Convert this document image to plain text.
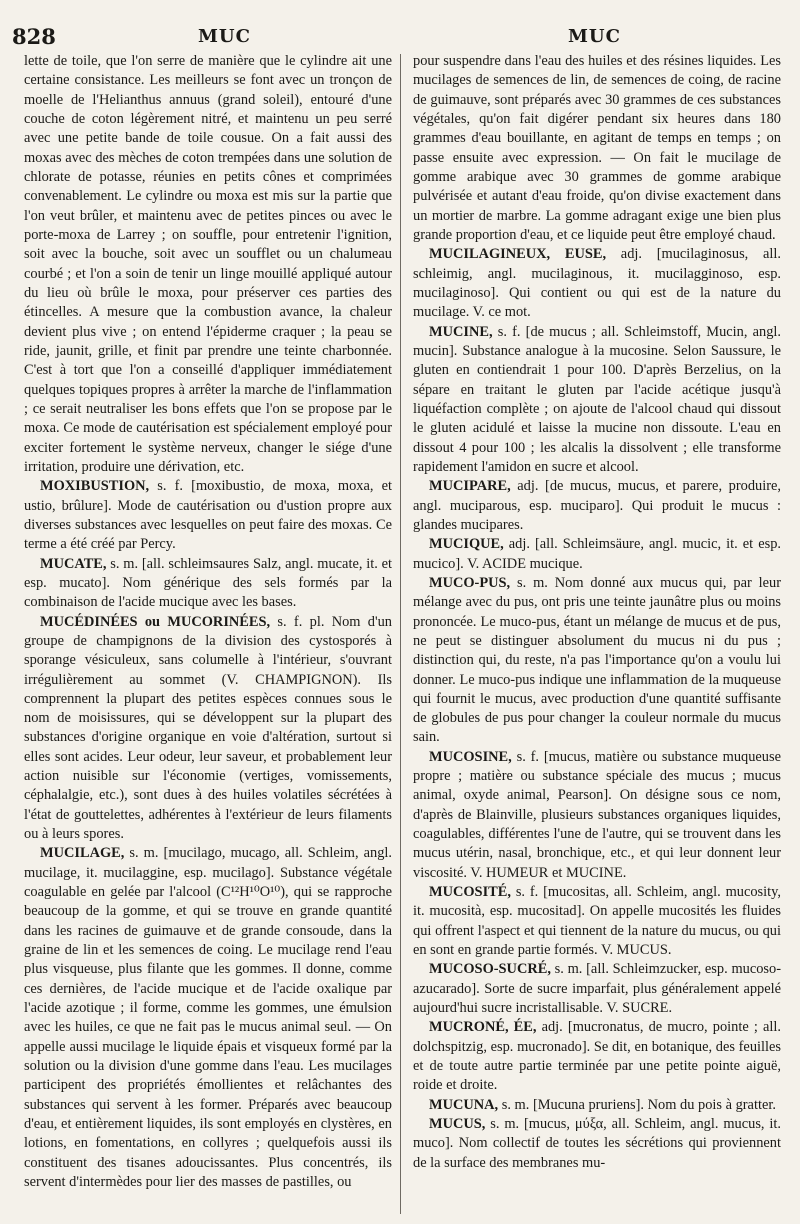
828	MUC	MUC

lette de toile, que l'on serre de manière que le cylindre ait une certaine consistance. Les meilleurs se font avec un tronçon de moelle de l'Helianthus annuus (grand soleil), entouré d'une couche de coton légèrement nitré, et maintenu un peu serré avec une petite bande de toile cousue. On a fait aussi des moxas avec des mèches de coton trempées dans une solution de chlorate de potasse, réunies en petits cônes et comprimées convenablement. Le cylindre ou moxa est mis sur la partie que l'on veut brûler, et maintenu avec de petites pinces ou avec le porte-moxa de Larrey ; on souffle, pour entretenir l'ignition, soit avec la bouche, soit avec un soufflet ou un chalumeau courbé ; et l'on a soin de tenir un linge mouillé appliqué autour du lieu où brûle le moxa, pour préserver ces parties des étincelles. A mesure que la combustion avance, la chaleur devient plus vive ; on entend l'épiderme craquer ; la peau se ride, jaunit, grille, et finit par prendre une teinte charbonnée. C'est à tort que l'on a conseillé d'appliquer immédiatement quelques topiques propres à arrêter la marche de l'inflammation ; ce serait neutraliser les bons effets que l'on se propose par le moxa. Ce mode de cautérisation est spécialement employé pour exciter fortement le système nerveux, changer le siége d'une irritation, produire une dérivation, etc.

MOXIBUSTION, s. f. [moxibustio, de moxa, moxa, et ustio, brûlure]. Mode de cautérisation ou d'ustion propre aux diverses substances avec lesquelles on peut faire des moxas. Ce terme a été créé par Percy.

MUCATE, s. m. [all. schleimsaures Salz, angl. mucate, it. et esp. mucato]. Nom générique des sels formés par la combinaison de l'acide mucique avec les bases.

MUCÉDINÉES ou MUCORINÉES, s. f. pl. Nom d'un groupe de champignons de la division des cystosporés à sporange vésiculeux, sans columelle à l'intérieur, s'ouvrant irrégulièrement au sommet (V. CHAMPIGNON). Ils comprennent la plupart des petites espèces connues sous le nom de moisissures, qui se développent sur la plupart des substances d'origine organique en voie d'altération, surtout si elles sont acides. Leur odeur, leur saveur, et probablement leur action nuisible sur l'économie (vertiges, vomissements, céphalalgie, etc.), sont dues à des huiles volatiles sécrétées à l'état de gouttelettes, adhérentes à l'extérieur de leurs filaments ou à leurs spores.

MUCILAGE, s. m. [mucilago, mucago, all. Schleim, angl. mucilage, it. mucilaggine, esp. mucilago]. Substance végétale coagulable en gelée par l'alcool (C¹²H¹⁰O¹⁰), qui se rapproche beaucoup de la gomme, et qui se trouve en grande quantité dans les racines de guimauve et de grande consoude, dans la graine de lin et les semences de coing. Le mucilage rend l'eau plus visqueuse, plus filante que les gommes. Il donne, comme ces dernières, de l'acide mucique et de l'acide oxalique par l'acide azotique ; il forme, comme les gommes, une émulsion avec les huiles, ce que ne fait pas le mucus animal seul. — On appelle aussi mucilage le liquide épais et visqueux formé par la solution ou la division d'une gomme dans l'eau. Les mucilages participent des propriétés émollientes et relâchantes des substances qui servent à les former. Préparés avec beaucoup d'eau, et entièrement liquides, ils sont employés en clystères, en lotions, en fomentations, en collyres ; quelquefois aussi ils constituent des tisanes adoucissantes. Plus concentrés, ils servent d'intermèdes pour lier des masses de pastilles, ou

pour suspendre dans l'eau des huiles et des résines liquides. Les mucilages de semences de lin, de semences de coing, de racine de guimauve, sont préparés avec 30 grammes de ces substances végétales, qu'on fait digérer pendant six heures dans 180 grammes d'eau bouillante, en agitant de temps en temps ; on passe ensuite avec expression. — On fait le mucilage de gomme arabique avec 30 grammes de gomme arabique pulvérisée et autant d'eau froide, qu'on divise exactement dans un mortier de marbre. La gomme adragant exige une bien plus grande proportion d'eau, et ce liquide peut être employé chaud.

MUCILAGINEUX, EUSE, adj. [mucilaginosus, all. schleimig, angl. mucilaginous, it. mucilagginoso, esp. mucilaginoso]. Qui contient ou qui est de la nature du mucilage. V. ce mot.

MUCINE, s. f. [de mucus ; all. Schleimstoff, Mucin, angl. mucin]. Substance analogue à la mucosine. Selon Saussure, le gluten en contiendrait 1 pour 100. D'après Berzelius, on la sépare en traitant le gluten par l'acide acétique jusqu'à liquéfaction complète ; on ajoute de l'alcool chaud qui dissout le gluten acidulé et laisse la mucine non dissoute. L'eau en dissout 4 pour 100 ; les alcalis la dissolvent ; elle transforme rapidement l'amidon en sucre et alcool.

MUCIPARE, adj. [de mucus, mucus, et parere, produire, angl. muciparous, esp. muciparo]. Qui produit le mucus : glandes mucipares.

MUCIQUE, adj. [all. Schleimsäure, angl. mucic, it. et esp. mucico]. V. ACIDE mucique.

MUCO-PUS, s. m. Nom donné aux mucus qui, par leur mélange avec du pus, ont pris une teinte jaunâtre plus ou moins prononcée. Le muco-pus, étant un mélange de mucus et de pus, ne peut se distinguer absolument du mucus ni du pus ; distinction qui, du reste, n'a pas l'importance qu'on a voulu lui donner. Le muco-pus indique une inflammation de la muqueuse qui fournit le mucus, avec production d'une quantité suffisante de globules de pus pour changer la couleur normale du mucus sain.

MUCOSINE, s. f. [mucus, matière ou substance muqueuse propre ; matière ou substance spéciale des mucus ; mucus animal, oxyde animal, Pearson]. On désigne sous ce nom, d'après de Blainville, plusieurs substances organiques liquides, coagulables, différentes l'une de l'autre, qui se trouvent dans les mucus utérin, nasal, bronchique, etc., et qui leur donnent leur viscosité. V. HUMEUR et MUCINE.

MUCOSITÉ, s. f. [mucositas, all. Schleim, angl. mucosity, it. mucosità, esp. mucositad]. On appelle mucosités les fluides qui offrent l'aspect et qui tiennent de la nature du mucus, ou qui en sont en grande partie formés. V. MUCUS.

MUCOSO-SUCRÉ, s. m. [all. Schleimzucker, esp. mucoso-azucarado]. Sorte de sucre imparfait, plus généralement appelé aujourd'hui sucre incristallisable. V. SUCRE.

MUCRONÉ, ÉE, adj. [mucronatus, de mucro, pointe ; all. dolchspitzig, esp. mucronado]. Se dit, en botanique, des feuilles et de toute autre partie terminée par une petite pointe aiguë, roide et droite.

MUCUNA, s. m. [Mucuna pruriens]. Nom du pois à gratter.

MUCUS, s. m. [mucus, μύξα, all. Schleim, angl. mucus, it. muco]. Nom collectif de toutes les sécrétions qui proviennent de la surface des membranes mu-
